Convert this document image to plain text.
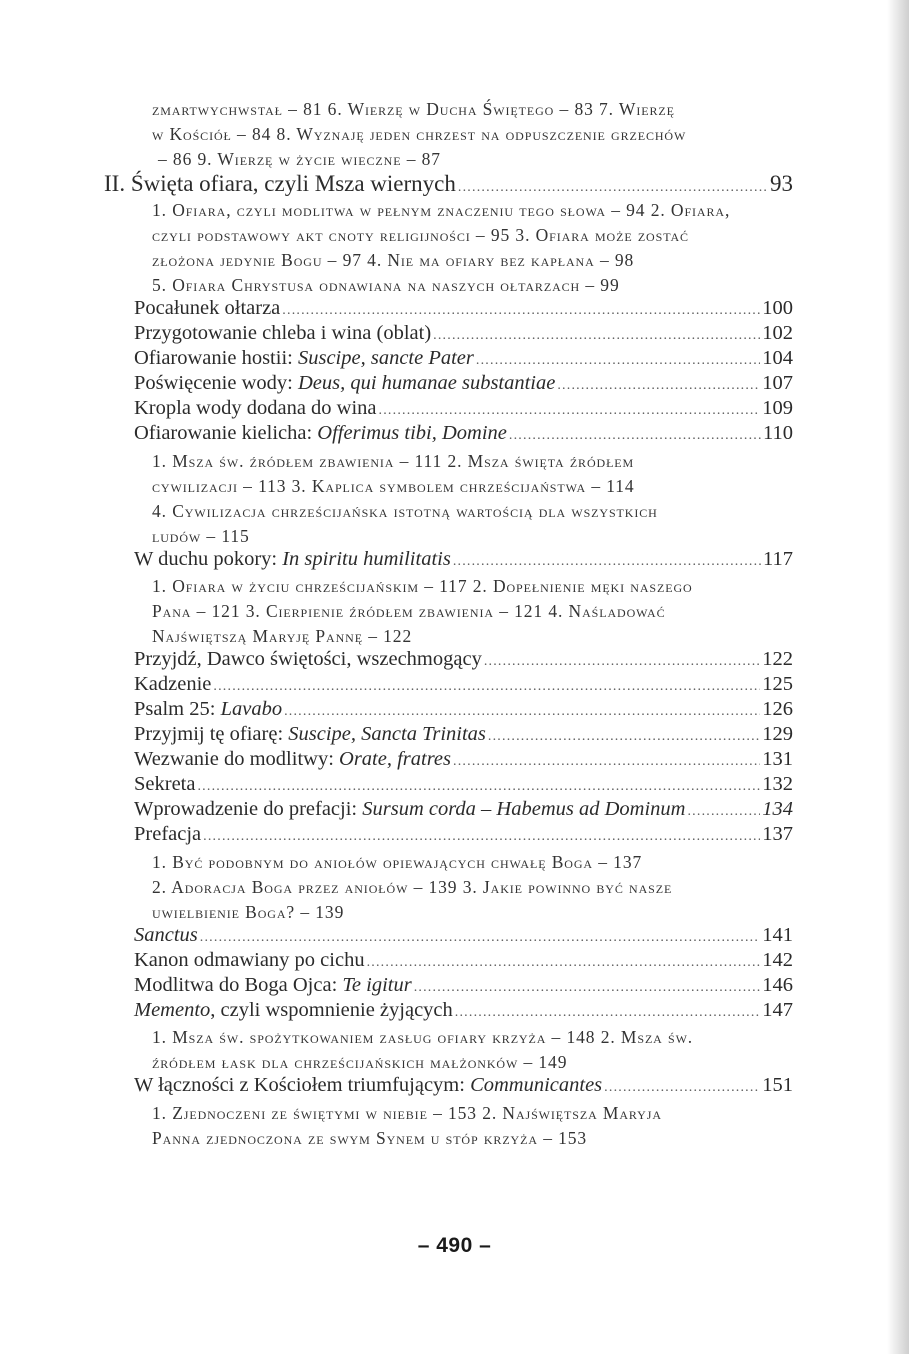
zmartwychwstał – 81 6. Wierzę w Ducha Świętego – 83 7. Wierzę
w Kościół – 84 8. Wyznaję jeden chrzest na odpuszczenie grzechów
– 86 9. Wierzę w życie wieczne – 87
II. Święta ofiara, czyli Msza wiernych .....	93
1. Ofiara, czyli modlitwa w pełnym znaczeniu tego słowa – 94 2. Ofiara,
czyli podstawowy akt cnoty religijności – 95 3. Ofiara może zostać
złożona jedynie Bogu – 97 4. Nie ma ofiary bez kapłana – 98
5. Ofiara Chrystusa odnawiana na naszych ołtarzach – 99
Pocałunek ołtarza .....	100
Przygotowanie chleba i wina (oblat) .....	102
Ofiarowanie hostii: Suscipe, sancte Pater .....	104
Poświęcenie wody: Deus, qui humanae substantiae .....	107
Kropla wody dodana do wina .....	109
Ofiarowanie kielicha: Offerimus tibi, Domine .....	110
1. Msza św. źródłem zbawienia – 111 2. Msza święta źródłem
cywilizacji – 113 3. Kaplica symbolem chrześcijaństwa – 114
4. Cywilizacja chrześcijańska istotną wartością dla wszystkich
ludów – 115
W duchu pokory: In spiritu humilitatis .....	117
1. Ofiara w życiu chrześcijańskim – 117 2. Dopełnienie męki naszego
Pana – 121 3. Cierpienie źródłem zbawienia – 121 4. Naśladować
Najświętszą Maryję Pannę – 122
Przyjdź, Dawco świętości, wszechmogący .....	122
Kadzenie .....	125
Psalm 25: Lavabo .....	126
Przyjmij tę ofiarę: Suscipe, Sancta Trinitas .....	129
Wezwanie do modlitwy: Orate, fratres .....	131
Sekreta .....	132
Wprowadzenie do prefacji: Sursum corda – Habemus ad Dominum .....	134
Prefacja .....	137
1. Być podobnym do aniołów opiewających chwałę Boga – 137
2. Adoracja Boga przez aniołów – 139 3. Jakie powinno być nasze
uwielbienie Boga? – 139
Sanctus .....	141
Kanon odmawiany po cichu .....	142
Modlitwa do Boga Ojca: Te igitur .....	146
Memento, czyli wspomnienie żyjących .....	147
1. Msza św. spożytkowaniem zasług ofiary krzyża – 148 2. Msza św.
źródłem łask dla chrześcijańskich małżonków – 149
W łączności z Kościołem triumfującym: Communicantes .....	151
1. Zjednoczeni ze świętymi w niebie – 153 2. Najświętsza Maryja
Panna zjednoczona ze swym Synem u stóp krzyża – 153
– 490 –
